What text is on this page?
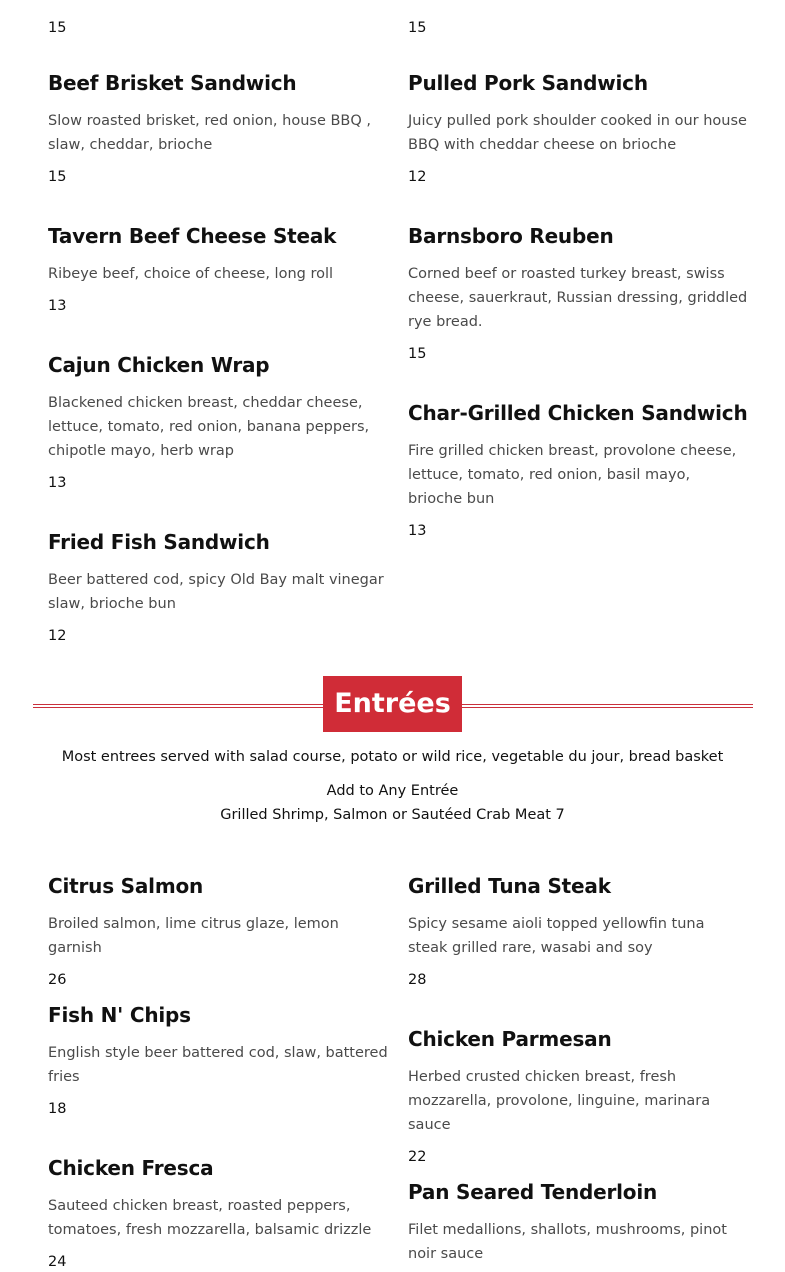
15	15
Beef Brisket Sandwich

Slow roasted brisket, red onion, house BBQ , slaw, cheddar, brioche

15

Tavern Beef Cheese Steak

Ribeye beef, choice of cheese, long roll

13

Cajun Chicken Wrap

Blackened chicken breast, cheddar cheese, lettuce, tomato, red onion, banana peppers, chipotle mayo, herb wrap

13

Fried Fish Sandwich

Beer battered cod, spicy Old Bay malt vinegar slaw, brioche bun

12

Pulled Pork Sandwich

Juicy pulled pork shoulder cooked in our house BBQ with cheddar cheese on brioche

12

Barnsboro Reuben

Corned beef or roasted turkey breast, swiss cheese, sauerkraut, Russian dressing, griddled rye bread.

15

Char-Grilled Chicken Sandwich

Fire grilled chicken breast, provolone cheese, lettuce, tomato, red onion, basil mayo, brioche bun

13

Entrées
Most entrees served with salad course, potato or wild rice, vegetable du jour, bread basket
Add to Any Entrée
Grilled Shrimp, Salmon or Sautéed Crab Meat 7
Citrus Salmon

Broiled salmon, lime citrus glaze, lemon garnish

26

Fish N' Chips

English style beer battered cod, slaw, battered fries

18

Chicken Fresca

Sauteed chicken breast, roasted peppers, tomatoes, fresh mozzarella, balsamic drizzle

24

Grilled Tuna Steak

Spicy sesame aioli topped yellowfin tuna steak grilled rare, wasabi and soy

28

Chicken Parmesan

Herbed crusted chicken breast, fresh mozzarella, provolone, linguine, marinara sauce

22

Pan Seared Tenderloin

Filet medallions, shallots, mushrooms, pinot noir sauce
